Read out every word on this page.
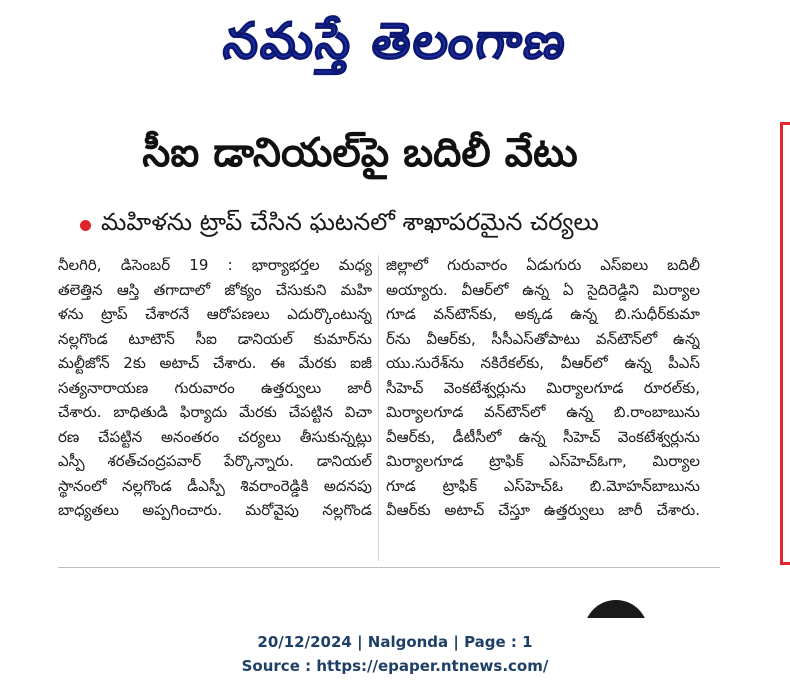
నమస్తే తెలంగాణ
సీఐ డానియల్‌పై బదిలీ వేటు
మహిళను ట్రాప్ చేసిన ఘటనలో శాఖాపరమైన చర్యలు
నీలగిరి, డిసెంబర్ 19 : భార్యాభర్తల మధ్య
తలెత్తిన ఆస్తి తగాదాలో జోక్యం చేసుకుని మహి
ళను ట్రాప్ చేశారనే ఆరోపణలు ఎదుర్కొంటున్న
నల్లగొండ టూటౌన్ సీఐ డానియల్ కుమార్‌ను
మల్టీజోన్ 2కు అటాచ్ చేశారు. ఈ మేరకు ఐజీ
సత్యనారాయణ గురువారం ఉత్తర్వులు జారీ
చేశారు. బాధితుడి ఫిర్యాదు మేరకు చేపట్టిన విచా
రణ చేపట్టిన అనంతరం చర్యలు తీసుకున్నట్లు
ఎస్పీ శరత్‌చంద్రపవార్ పేర్కొన్నారు. డానియల్
స్థానంలో నల్లగొండ డీఎస్పీ శివరాంరెడ్డికి అదనపు
బాధ్యతలు అప్పగించారు. మరోవైపు నల్లగొండ
జిల్లాలో గురువారం ఏడుగురు ఎస్‌ఐలు బదిలీ
అయ్యారు. వీఆర్‌లో ఉన్న ఏ సైదిరెడ్డిని మిర్యాల
గూడ వన్‌టౌన్‌కు, అక్కడ ఉన్న బి.సుధీర్‌కుమా
ర్‌ను వీఆర్‌కు, సీసీఎస్‌తోపాటు వన్‌టౌన్‌లో ఉన్న
యు.సురేశ్‌ను నకిరేకల్‌కు, వీఆర్‌లో ఉన్న పీఎస్
సీహెచ్ వెంకటేశ్వర్లును మిర్యాలగూడ రూరల్‌కు,
మిర్యాలగూడ వన్‌టౌన్‌లో ఉన్న బి.రాంబాబును
వీఆర్‌కు, డీటీసీలో ఉన్న సీహెచ్ వెంకటేశ్వర్లును
మిర్యాలగూడ ట్రాఫిక్ ఎస్‌హెచ్‌ఓగా, మిర్యాల
గూడ ట్రాఫిక్ ఎస్‌హెచ్‌ఓ బి.మోహన్‌బాబును
వీఆర్‌కు అటాచ్ చేస్తూ ఉత్తర్వులు జారీ చేశారు.
20/12/2024 | Nalgonda | Page : 1
Source : https://epaper.ntnews.com/
